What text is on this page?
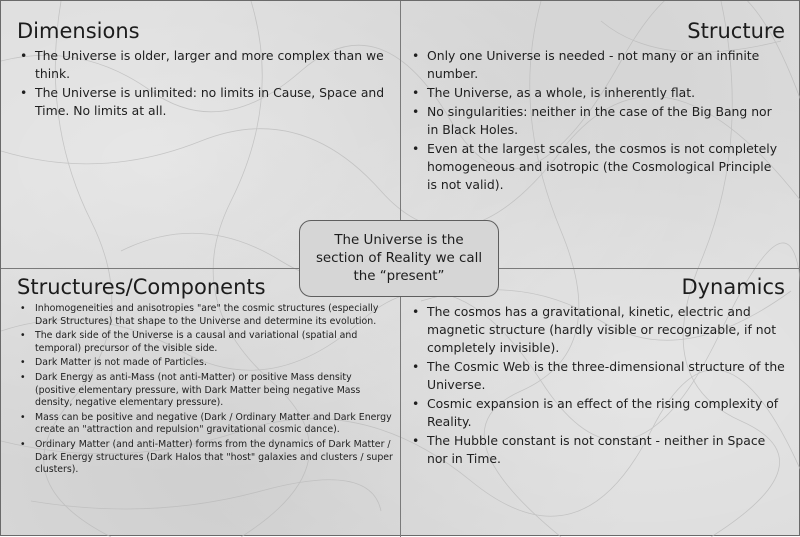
Dimensions
• The Universe is older, larger and more complex than we think.
• The Universe is unlimited: no limits in Cause, Space and Time. No limits at all.
Structure
• Only one Universe is needed - not many or an infinite number.
• The Universe, as a whole, is inherently flat.
• No singularities: neither in the case of the Big Bang nor in Black Holes.
• Even at the largest scales, the cosmos is not completely homogeneous and isotropic (the Cosmological Principle is not valid).
Structures/Components
• Inhomogeneities and anisotropies "are" the cosmic structures (especially Dark Structures) that shape to the Universe and determine its evolution.
• The dark side of the Universe is a causal and variational (spatial and temporal) precursor of the visible side.
• Dark Matter is not made of Particles.
• Dark Energy as anti-Mass (not anti-Matter) or positive Mass density (positive elementary pressure, with Dark Matter being negative Mass density, negative elementary pressure).
• Mass can be positive and negative (Dark / Ordinary Matter and Dark Energy create an "attraction and repulsion" gravitational cosmic dance).
• Ordinary Matter (and anti-Matter) forms from the dynamics of Dark Matter / Dark Energy structures (Dark Halos that "host" galaxies and clusters / super clusters).
Dynamics
• The cosmos has a gravitational, kinetic, electric and magnetic structure (hardly visible or recognizable, if not completely invisible).
• The Cosmic Web is the three-dimensional structure of the Universe.
• Cosmic expansion is an effect of the rising complexity of Reality.
• The Hubble constant is not constant - neither in Space nor in Time.
The Universe is the section of Reality we call the “present”
